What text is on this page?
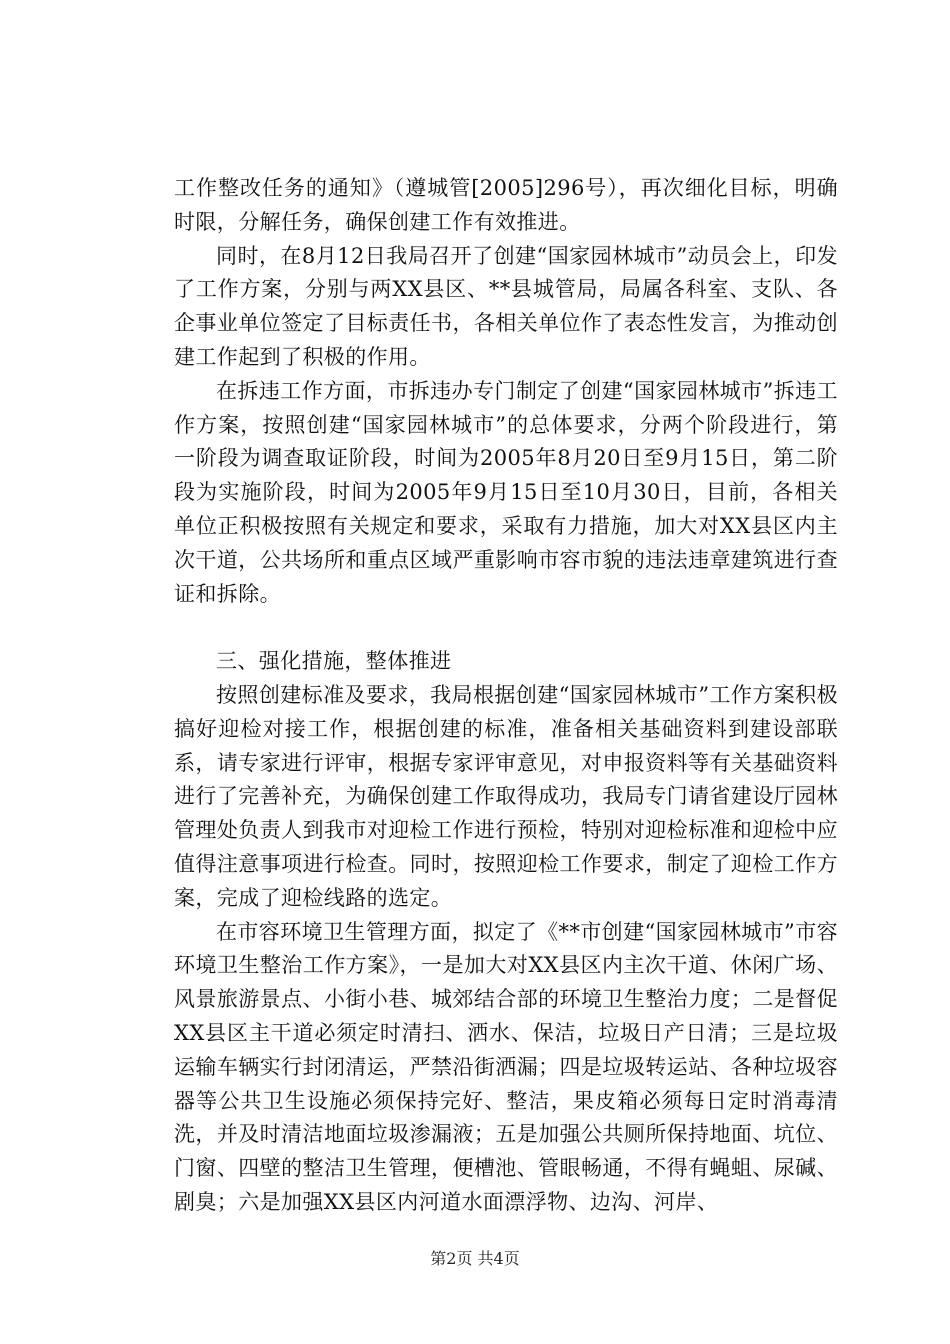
工作整改任务的通知》（遵城管[2005]296号），再次细化目标，明确时限，分解任务，确保创建工作有效推进。

同时，在8月12日我局召开了创建“国家园林城市”动员会上，印发了工作方案，分别与两XX县区、**县城管局，局属各科室、支队、各企事业单位签定了目标责任书，各相关单位作了表态性发言，为推动创建工作起到了积极的作用。

在拆违工作方面，市拆违办专门制定了创建“国家园林城市”拆违工作方案，按照创建“国家园林城市”的总体要求，分两个阶段进行，第一阶段为调查取证阶段，时间为2005年8月20日至9月15日，第二阶段为实施阶段，时间为2005年9月15日至10月30日，目前，各相关单位正积极按照有关规定和要求，采取有力措施，加大对XX县区内主次干道，公共场所和重点区域严重影响市容市貌的违法违章建筑进行查证和拆除。

三、强化措施，整体推进

按照创建标准及要求，我局根据创建“国家园林城市”工作方案积极搞好迎检对接工作，根据创建的标准，准备相关基础资料到建设部联系，请专家进行评审，根据专家评审意见，对申报资料等有关基础资料进行了完善补充，为确保创建工作取得成功，我局专门请省建设厅园林管理处负责人到我市对迎检工作进行预检，特别对迎检标准和迎检中应值得注意事项进行检查。同时，按照迎检工作要求，制定了迎检工作方案，完成了迎检线路的选定。

在市容环境卫生管理方面，拟定了《**市创建“国家园林城市”市容环境卫生整治工作方案》，一是加大对XX县区内主次干道、休闲广场、风景旅游景点、小街小巷、城郊结合部的环境卫生整治力度；二是督促XX县区主干道必须定时清扫、洒水、保洁，垃圾日产日清；三是垃圾运输车辆实行封闭清运，严禁沿街洒漏；四是垃圾转运站、各种垃圾容器等公共卫生设施必须保持完好、整洁，果皮箱必须每日定时消毒清洗，并及时清洁地面垃圾渗漏液；五是加强公共厕所保持地面、坑位、门窗、四壁的整洁卫生管理，便槽池、管眼畅通，不得有蝇蛆、尿碱、剧臭；六是加强XX县区内河道水面漂浮物、边沟、河岸、

第2页 共4页
